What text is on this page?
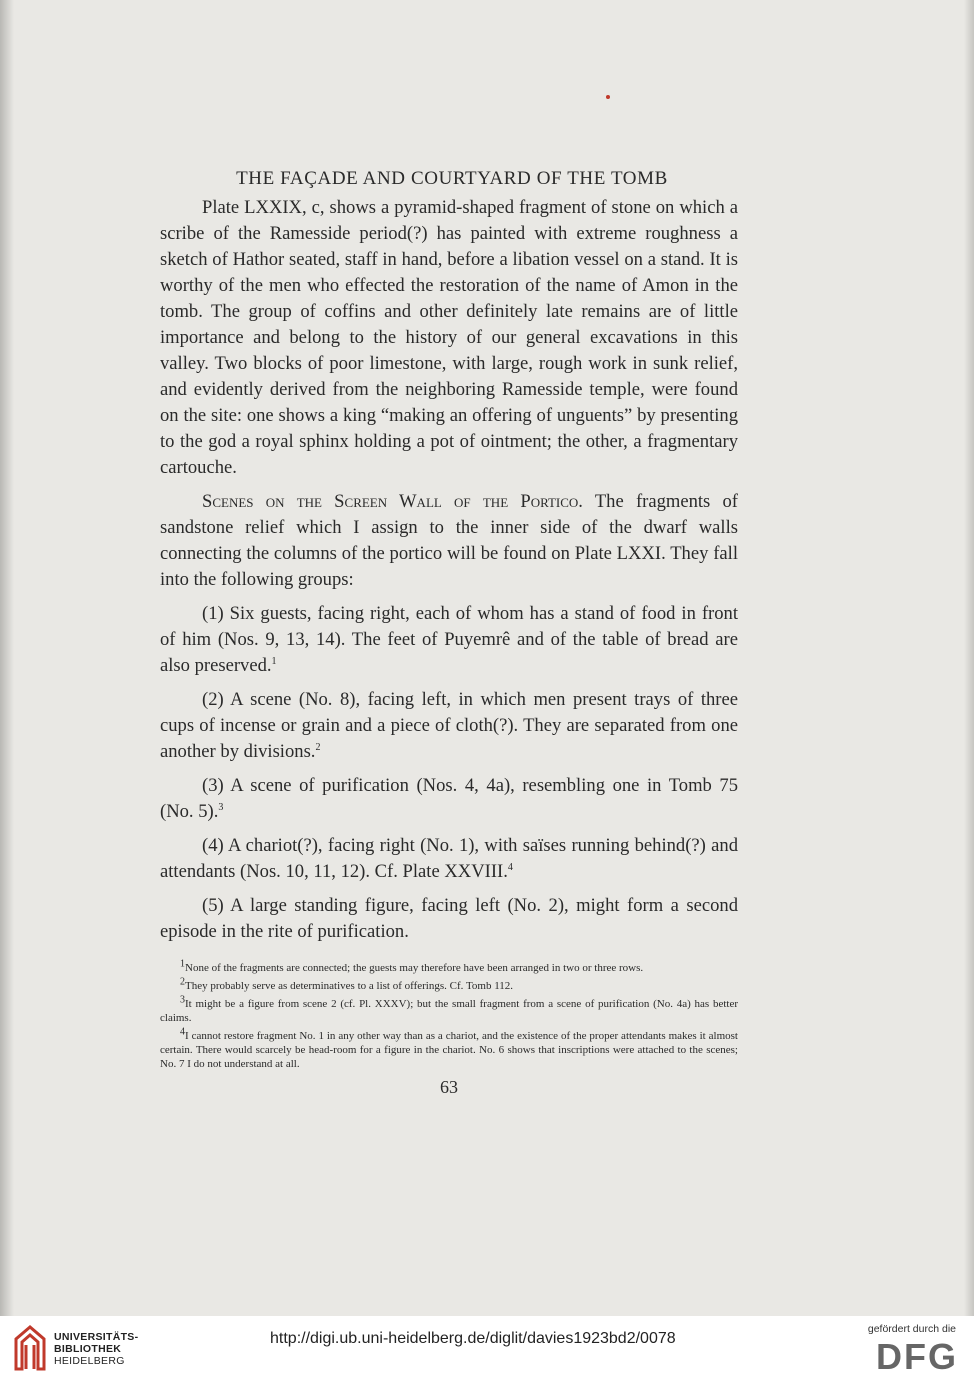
THE FAÇADE AND COURTYARD OF THE TOMB

Plate LXXIX, c, shows a pyramid-shaped fragment of stone on which a scribe of the Ramesside period(?) has painted with extreme roughness a sketch of Hathor seated, staff in hand, before a libation vessel on a stand. It is worthy of the men who effected the restoration of the name of Amon in the tomb. The group of coffins and other definitely late remains are of little importance and belong to the history of our general excavations in this valley. Two blocks of poor limestone, with large, rough work in sunk relief, and evidently derived from the neighboring Ramesside temple, were found on the site: one shows a king “making an offering of unguents” by presenting to the god a royal sphinx holding a pot of ointment; the other, a fragmentary cartouche.

Scenes on the Screen Wall of the Portico. The fragments of sandstone relief which I assign to the inner side of the dwarf walls connecting the columns of the portico will be found on Plate LXXI. They fall into the following groups:

(1) Six guests, facing right, each of whom has a stand of food in front of him (Nos. 9, 13, 14). The feet of Puyemrê and of the table of bread are also preserved.$^1$

(2) A scene (No. 8), facing left, in which men present trays of three cups of incense or grain and a piece of cloth(?). They are separated from one another by divisions.$^2$

(3) A scene of purification (Nos. 4, 4a), resembling one in Tomb 75 (No. 5).$^3$

(4) A chariot(?), facing right (No. 1), with saïses running behind(?) and attendants (Nos. 10, 11, 12). Cf. Plate XXVIII.$^4$

(5) A large standing figure, facing left (No. 2), might form a second episode in the rite of purification.

$^1$None of the fragments are connected; the guests may therefore have been arranged in two or three rows.

$^2$They probably serve as determinatives to a list of offerings. Cf. Tomb 112.

$^3$It might be a figure from scene 2 (cf. Pl. XXXV); but the small fragment from a scene of purification (No. 4a) has better claims.

$^4$I cannot restore fragment No. 1 in any other way than as a chariot, and the existence of the proper attendants makes it almost certain. There would scarcely be head-room for a figure in the chariot. No. 6 shows that inscriptions were attached to the scenes; No. 7 I do not understand at all.

63
UNIVERSITÄTS-
BIBLIOTHEK
HEIDELBERG
http://digi.ub.uni-heidelberg.de/diglit/davies1923bd2/0078
gefördert durch die
DFG
